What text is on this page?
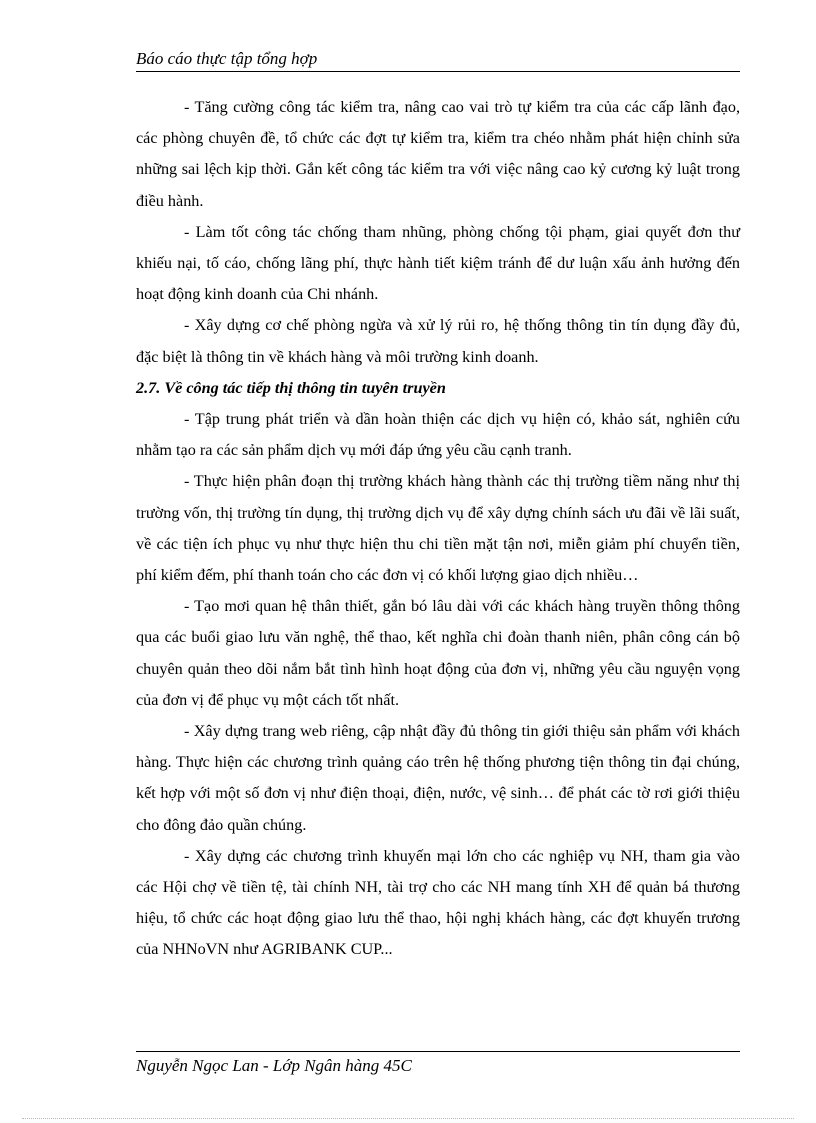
Báo cáo thực tập tổng hợp

- Tăng cường công tác kiểm tra, nâng cao vai trò tự kiểm tra của các cấp lãnh đạo, các phòng chuyên đề, tổ chức các đợt tự kiểm tra, kiểm tra chéo nhằm phát hiện chỉnh sửa những sai lệch kịp thời. Gắn kết công tác kiểm tra với việc nâng cao kỷ cương kỷ luật trong điều hành.

- Làm tốt công tác chống tham nhũng, phòng chống tội phạm, giai quyết đơn thư khiếu nại, tố cáo, chống lãng phí, thực hành tiết kiệm tránh để dư luận xấu ảnh hưởng đến hoạt động kinh doanh của Chi nhánh.

- Xây dựng cơ chế phòng ngừa và xử lý rủi ro, hệ thống thông tin tín dụng đầy đủ, đặc biệt là thông tin về khách hàng và môi trường kinh doanh.

2.7. Về công tác tiếp thị thông tin tuyên truyền

- Tập trung phát triển và dần hoàn thiện các dịch vụ hiện có, khảo sát, nghiên cứu nhằm tạo ra các sản phẩm dịch vụ mới đáp ứng yêu cầu cạnh tranh.

- Thực hiện phân đoạn thị trường khách hàng thành các thị trường tiềm năng như thị trường vốn, thị trường tín dụng, thị trường dịch vụ để xây dựng chính sách ưu đãi về lãi suất, về các tiện ích phục vụ như thực hiện thu chi tiền mặt tận nơi, miễn giảm phí chuyển tiền, phí kiểm đếm, phí thanh toán cho các đơn vị có khối lượng giao dịch nhiều…

- Tạo mơi quan hệ thân thiết, gắn bó lâu dài với các khách hàng truyền thông thông qua các buổi giao lưu văn nghệ, thể thao, kết nghĩa chi đoàn thanh niên, phân công cán bộ chuyên quản theo dõi nắm bắt tình hình hoạt động của đơn vị, những yêu cầu nguyện vọng của đơn vị để phục vụ một cách tốt nhất.

- Xây dựng trang web riêng, cập nhật đầy đủ thông tin giới thiệu sản phẩm với khách hàng. Thực hiện các chương trình quảng cáo trên hệ thống phương tiện thông tin đại chúng, kết hợp với một số đơn vị như điện thoại, điện, nước, vệ sinh… để phát các tờ rơi giới thiệu cho đông đảo quần chúng.

- Xây dựng các chương trình khuyến mại lớn cho các nghiệp vụ NH, tham gia vào các Hội chợ về tiền tệ, tài chính NH, tài trợ cho các NH mang tính XH để quản bá thương hiệu, tổ chức các hoạt động giao lưu thể thao, hội nghị khách hàng, các đợt khuyến trương của NHNoVN như AGRIBANK CUP...

Nguyễn Ngọc Lan - Lớp Ngân hàng 45C
